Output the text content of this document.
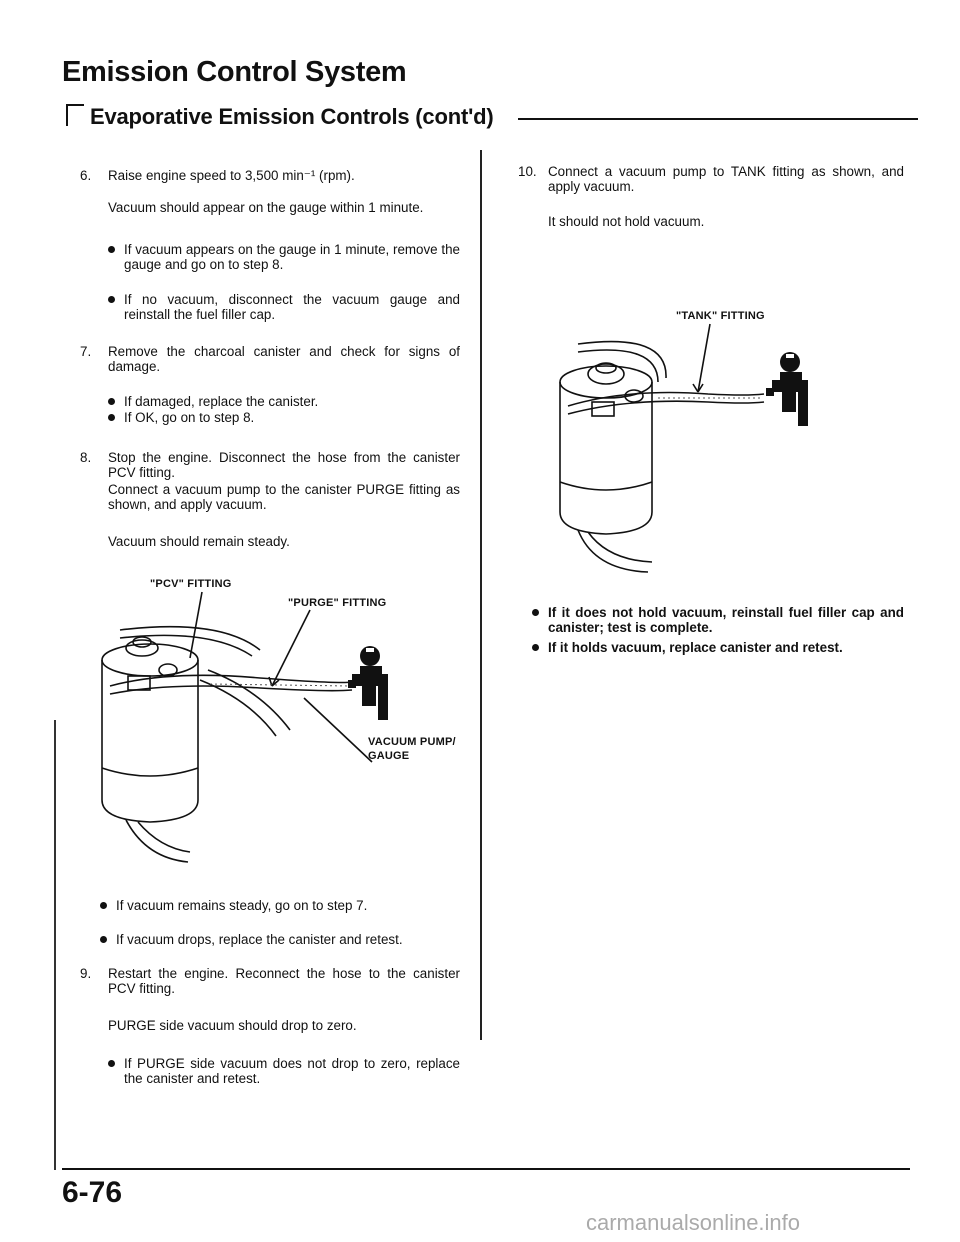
Emission Control System
Evaporative Emission Controls (cont'd)
6. Raise engine speed to 3,500 min⁻¹ (rpm).
Vacuum should appear on the gauge within 1 minute.
If vacuum appears on the gauge in 1 minute, remove the gauge and go on to step 8.
If no vacuum, disconnect the vacuum gauge and reinstall the fuel filler cap.
7. Remove the charcoal canister and check for signs of damage.
If damaged, replace the canister.
If OK, go on to step 8.
8. Stop the engine. Disconnect the hose from the canister PCV fitting.
Connect a vacuum pump to the canister PURGE fitting as shown, and apply vacuum.
Vacuum should remain steady.
"PCV" FITTING
"PURGE" FITTING
VACUUM PUMP/
GAUGE
If vacuum remains steady, go on to step 7.
If vacuum drops, replace the canister and retest.
9. Restart the engine. Reconnect the hose to the canister PCV fitting.
PURGE side vacuum should drop to zero.
If PURGE side vacuum does not drop to zero, replace the canister and retest.
10. Connect a vacuum pump to TANK fitting as shown, and apply vacuum.
It should not hold vacuum.
"TANK" FITTING
If it does not hold vacuum, reinstall fuel filler cap and canister; test is complete.
If it holds vacuum, replace canister and retest.
6-76
carmanualsonline.info
